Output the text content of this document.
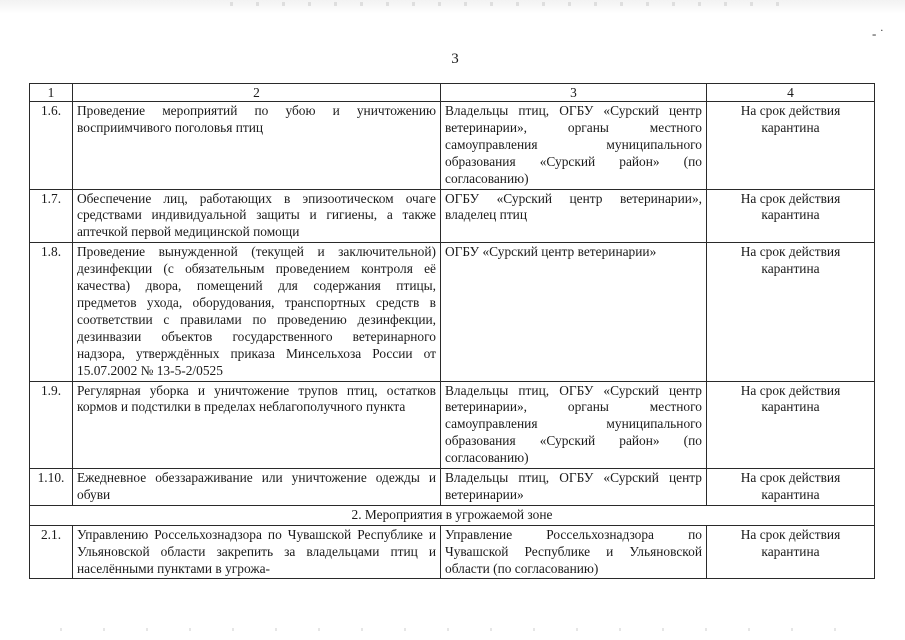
- ˙
3
1	2	3	4
1.6.	Проведение мероприятий по убою и уничтожению восприимчивого поголовья птиц	Владельцы птиц, ОГБУ «Сурский центр ветеринарии», органы местного самоуправления муниципального образования «Сурский район» (по согласованию)	На срок действия карантина
1.7.	Обеспечение лиц, работающих в эпизоотическом очаге средствами индивидуальной защиты и гигиены, а также аптечкой первой медицинской помощи	ОГБУ «Сурский центр ветеринарии», владелец птиц	На срок действия карантина
1.8.	Проведение вынужденной (текущей и заключительной) дезинфекции (с обязательным проведением контроля её качества) двора, помещений для содержания птицы, предметов ухода, оборудования, транспортных средств в соответствии с правилами по проведению дезинфекции, дезинвазии объектов государственного ветеринарного надзора, утверждённых приказа Минсельхоза России от 15.07.2002 № 13-5-2/0525	ОГБУ «Сурский центр ветеринарии»	На срок действия карантина
1.9.	Регулярная уборка и уничтожение трупов птиц, остатков кормов и подстилки в пределах неблагополучного пункта	Владельцы птиц, ОГБУ «Сурский центр ветеринарии», органы местного самоуправления муниципального образования «Сурский район» (по согласованию)	На срок действия карантина
1.10.	Ежедневное обеззараживание или уничтожение одежды и обуви	Владельцы птиц, ОГБУ «Сурский центр ветеринарии»	На срок действия карантина
2. Мероприятия в угрожаемой зоне			
2.1.	Управлению Россельхознадзора по Чувашской Республике и Ульяновской области закрепить за владельцами птиц и населёнными пунктами в угрожа-	Управление Россельхознадзора по Чувашской Республике и Ульяновской области (по согласованию)	На срок действия карантина
